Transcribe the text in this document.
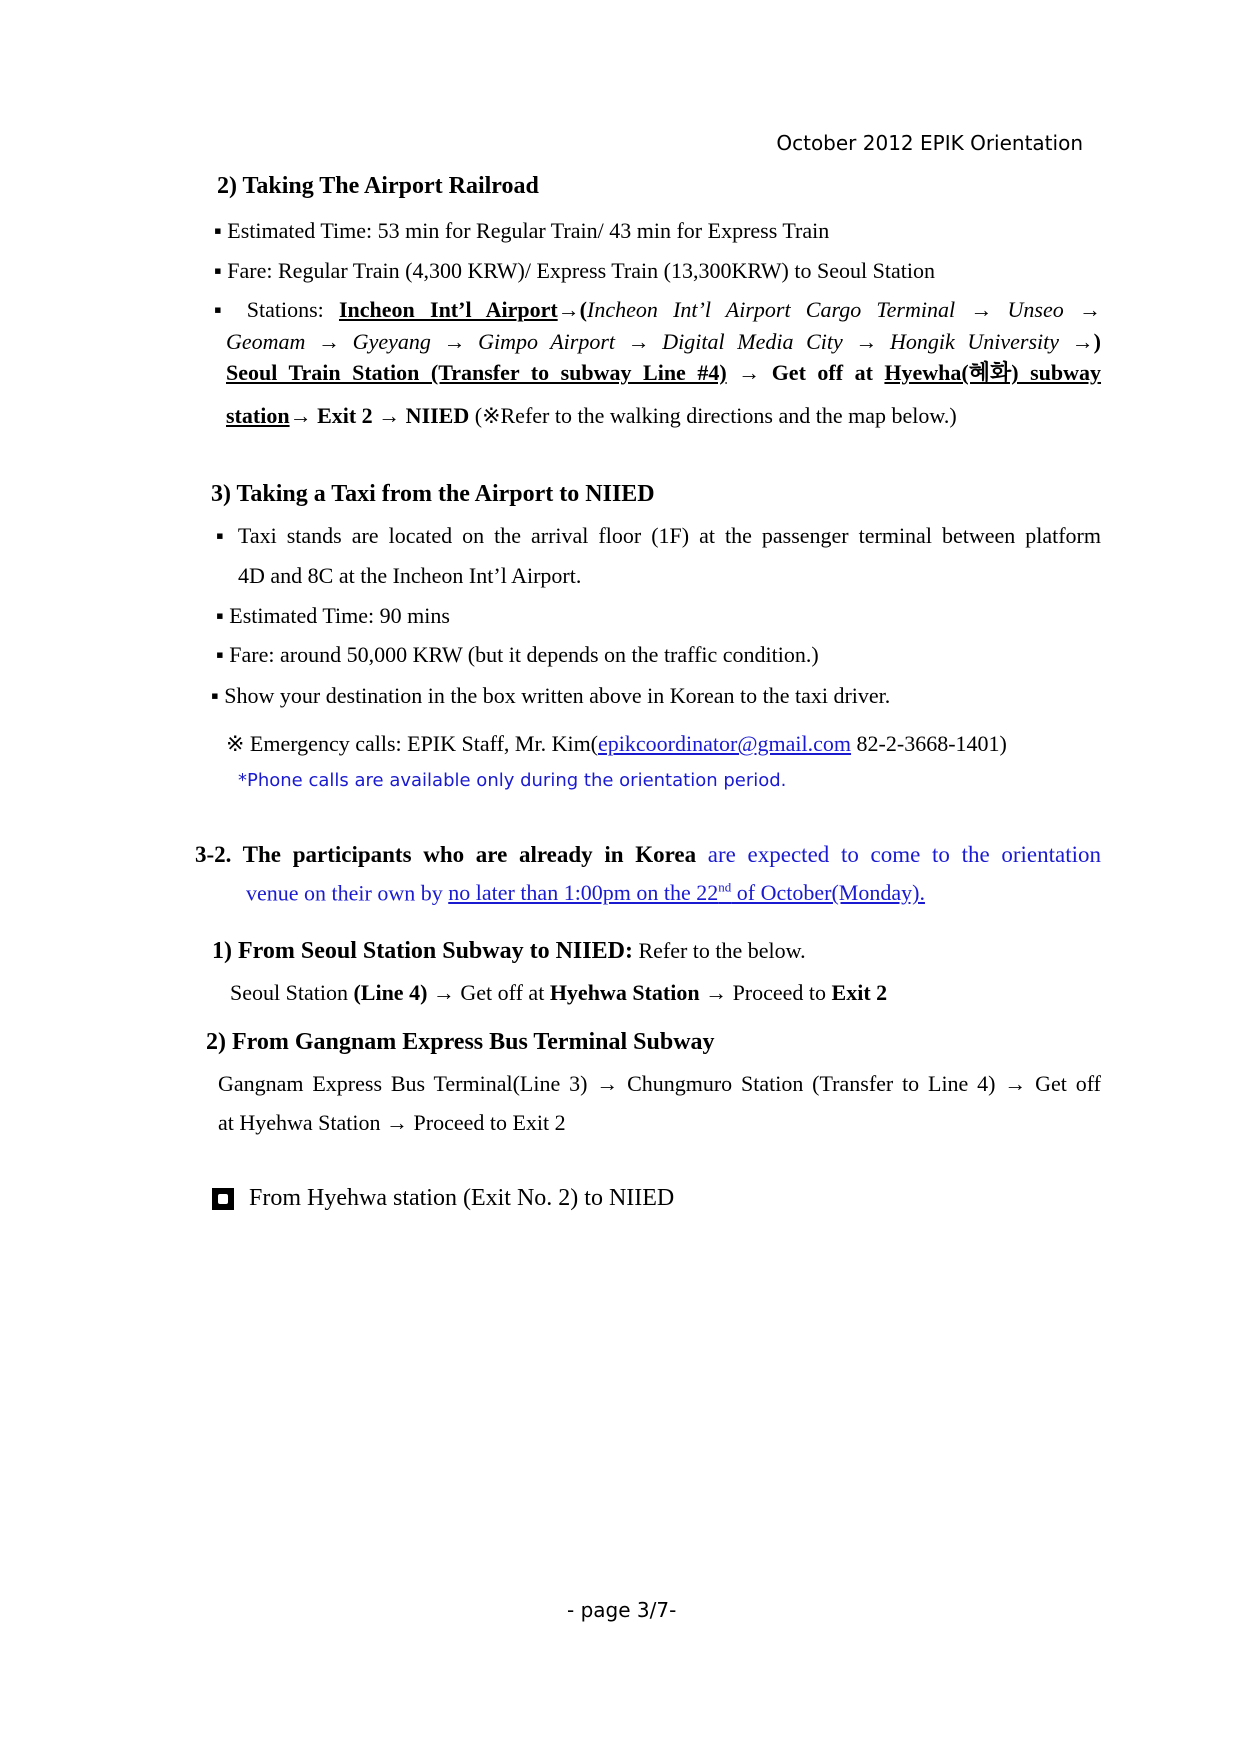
October 2012 EPIK Orientation
2) Taking The Airport Railroad
▪ Estimated Time: 53 min for Regular Train/ 43 min for Express Train
▪ Fare: Regular Train (4,300 KRW)/ Express Train (13,300KRW) to Seoul Station
▪ Stations: Incheon Int’l Airport→(Incheon Int’l Airport Cargo Terminal → Unseo →
Geomam → Gyeyang → Gimpo Airport → Digital Media City → Hongik University →)
Seoul Train Station (Transfer to subway Line #4) → Get off at Hyewha(혜화) subway
station→ Exit 2 → NIIED (※Refer to the walking directions and the map below.)
3) Taking a Taxi from the Airport to NIIED
▪ Taxi stands are located on the arrival floor (1F) at the passenger terminal between platform
4D and 8C at the Incheon Int’l Airport.
▪ Estimated Time: 90 mins
▪ Fare: around 50,000 KRW (but it depends on the traffic condition.)
▪ Show your destination in the box written above in Korean to the taxi driver.
※ Emergency calls: EPIK Staff, Mr. Kim(epikcoordinator@gmail.com 82-2-3668-1401)
*Phone calls are available only during the orientation period.
3-2. The participants who are already in Korea are expected to come to the orientation
venue on their own by no later than 1:00pm on the 22nd of October(Monday).
1) From Seoul Station Subway to NIIED: Refer to the below.
Seoul Station (Line 4) → Get off at Hyehwa Station → Proceed to Exit 2
2) From Gangnam Express Bus Terminal Subway
Gangnam Express Bus Terminal(Line 3) → Chungmuro Station (Transfer to Line 4) → Get off
at Hyehwa Station → Proceed to Exit 2
From Hyehwa station (Exit No. 2) to NIIED
- page 3/7-
